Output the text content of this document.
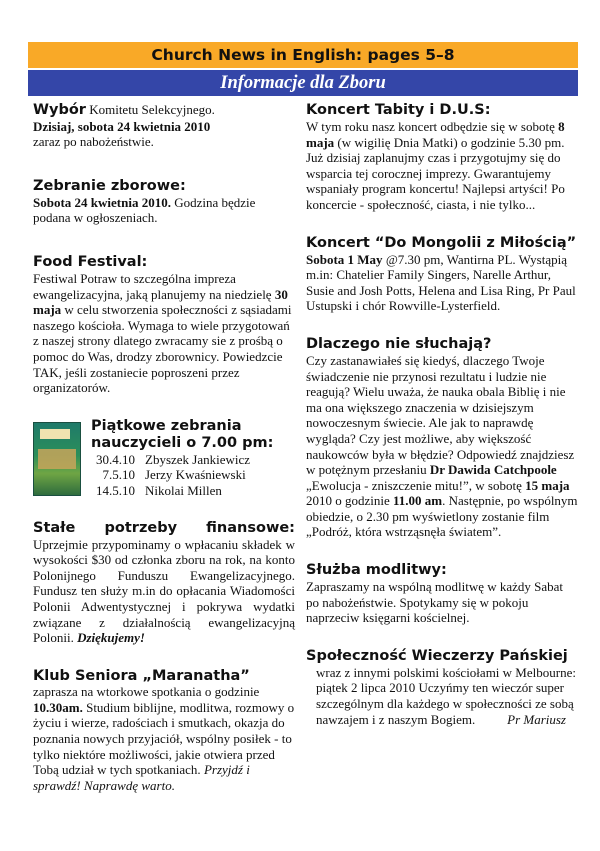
Church News in English: pages 5–8
Informacje dla Zboru

Wybór Komitetu Selekcyjnego.

Dzisiaj, sobota 24 kwietnia 2010

zaraz po nabożeństwie.

Zebranie zborowe:

Sobota 24 kwietnia 2010. Godzina będzie podana w ogłoszeniach.

Food Festival:

Festiwal Potraw to szczególna impreza ewangelizacyjna, jaką planujemy na niedzielę 30 maja w celu stworzenia społeczności z sąsiadami naszego kościoła. Wymaga to wiele przygotowań z naszej strony dlatego zwracamy sie z prośbą o pomoc do Was, drodzy zborownicy. Powiedzcie TAK, jeśli zostaniecie poproszeni przez organizatorów.

Piątkowe zebrania nauczycieli o 7.00 pm:

30.4.10 Zbyszek Jankiewicz
7.5.10 Jerzy Kwaśniewski
14.5.10 Nikolai Millen

Stałe potrzeby finansowe: Uprzejmie przypominamy o wpłacaniu składek w wysokości $30 od członka zboru na rok, na konto Polonijnego Funduszu Ewangelizacyjnego. Fundusz ten służy m.in do opłacania Wiadomości Polonii Adwentystycznej i pokrywa wydatki związane z działalnością ewangelizacyjną Polonii. Dziękujemy!

Klub Seniora „Maranatha” zaprasza na wtorkowe spotkania o godzinie 10.30am. Studium biblijne, modlitwa, rozmowy o życiu i wierze, radościach i smutkach, okazja do poznania nowych przyjaciół, wspólny posiłek - to tylko niektóre możliwości, jakie otwiera przed Tobą udział w tych spotkaniach. Przyjdź i sprawdź! Naprawdę warto.

Koncert Tabity i D.U.S:

W tym roku nasz koncert odbędzie się w sobotę 8 maja (w wigilię Dnia Matki) o godzinie 5.30 pm. Już dzisiaj zaplanujmy czas i przygotujmy się do wsparcia tej corocznej imprezy. Gwarantujemy wspaniały program koncertu! Najlepsi artyści! Po koncercie - społeczność, ciasta, i nie tylko...

Koncert “Do Mongolii z Miłością”

Sobota 1 May @7.30 pm, Wantirna PL. Wystąpią m.in: Chatelier Family Singers, Narelle Arthur, Susie and Josh Potts, Helena and Lisa Ring, Pr Paul Ustupski i chór Rowville-Lysterfield.

Dlaczego nie słuchają?

Czy zastanawiałeś się kiedyś, dlaczego Twoje świadczenie nie przynosi rezultatu i ludzie nie reagują? Wielu uważa, że nauka obala Biblię i nie ma ona większego znaczenia w dzisiejszym nowoczesnym świecie. Ale jak to naprawdę wygląda? Czy jest możliwe, aby większość naukowców była w błędzie? Odpowiedź znajdziesz w potężnym przesłaniu Dr Dawida Catchpoole „Ewolucja - zniszczenie mitu!”, w sobotę 15 maja 2010 o godzinie 11.00 am. Następnie, po wspólnym obiedzie, o 2.30 pm wyświetlony zostanie film „Podróż, która wstrząsnęła światem”.

Służba modlitwy:

Zapraszamy na wspólną modlitwę w każdy Sabat po nabożeństwie. Spotykamy się w pokoju naprzeciw księgarni kościelnej.

Społeczność Wieczerzy Pańskiej

wraz z innymi polskimi kościołami w Melbourne: piątek 2 lipca 2010 Uczyńmy ten wieczór super szczególnym dla każdego w społeczności ze sobą nawzajem i z naszym Bogiem. Pr Mariusz
